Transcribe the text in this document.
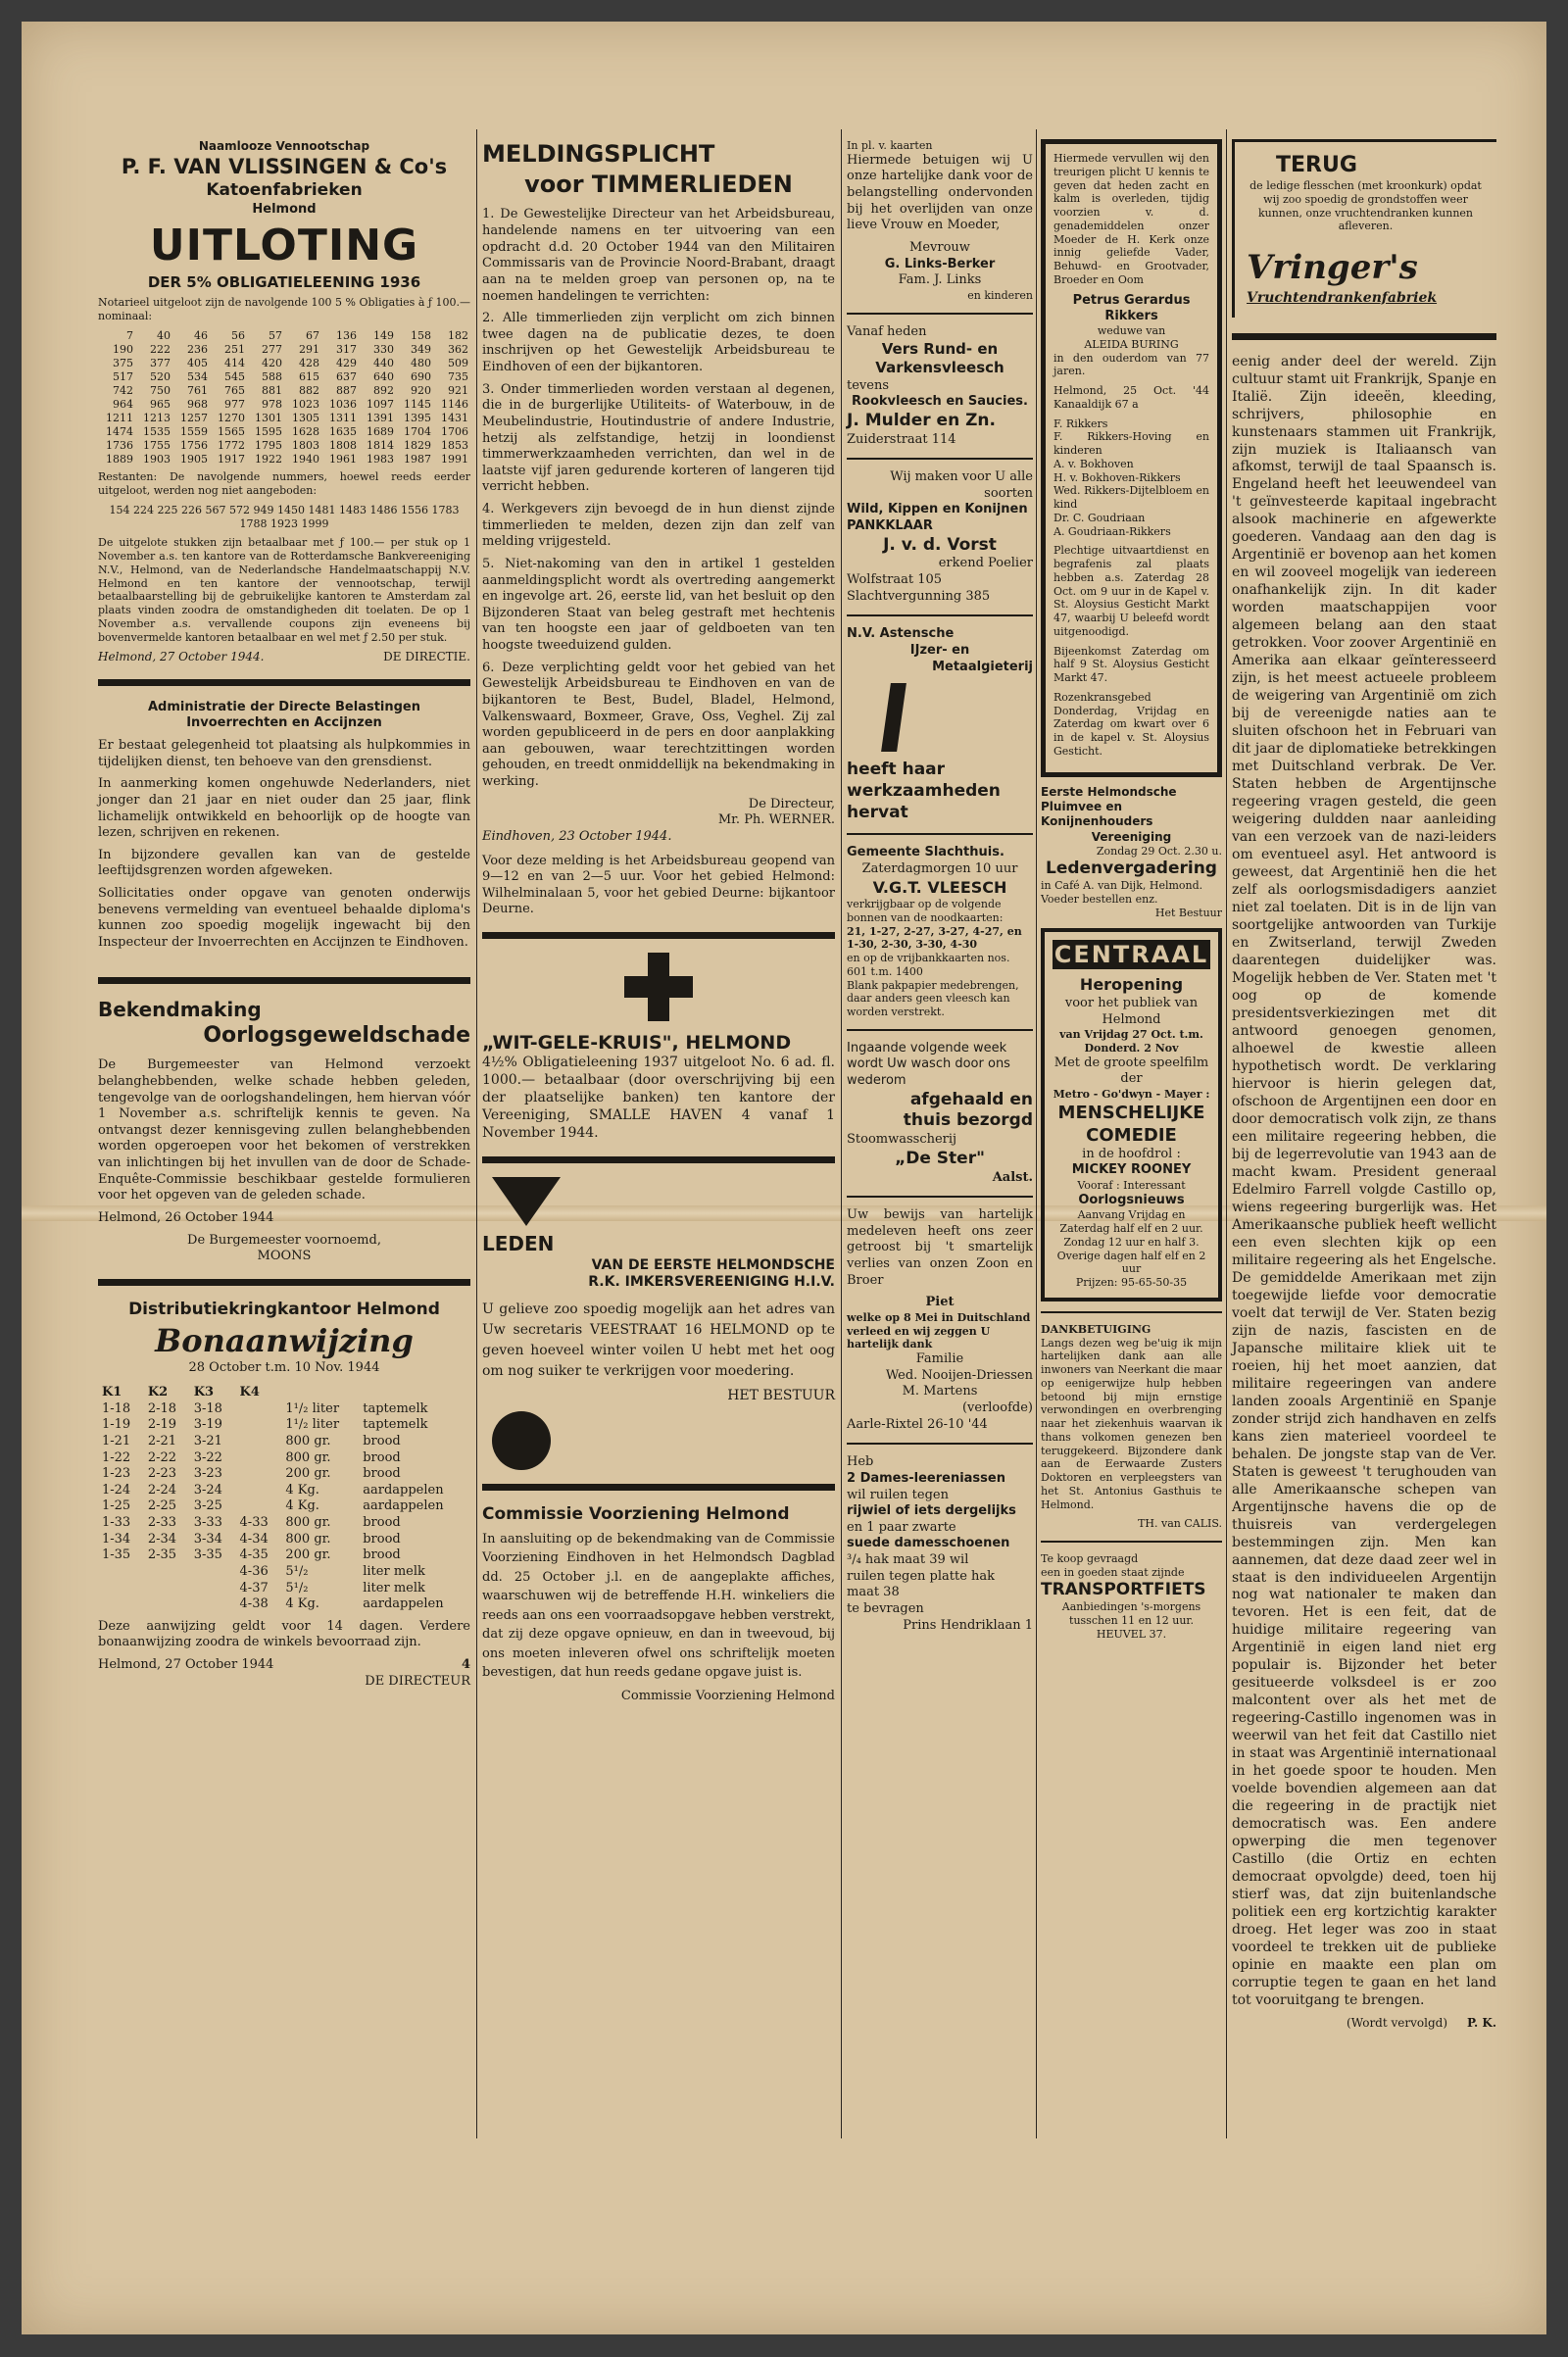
Naamlooze Vennootschap
P. F. VAN VLISSINGEN & Co's
Katoenfabrieken
Helmond
UITLOTING
DER 5% OBLIGATIELEENING 1936

Notarieel uitgeloot zijn de navolgende 100 5 % Obligaties à ƒ 100.— nominaal:

7	40	46	56	57	67	136	149	158	182
190	222	236	251	277	291	317	330	349	362
375	377	405	414	420	428	429	440	480	509
517	520	534	545	588	615	637	640	690	735
742	750	761	765	881	882	887	892	920	921
964	965	968	977	978	1023	1036	1097	1145	1146
1211	1213	1257	1270	1301	1305	1311	1391	1395	1431
1474	1535	1559	1565	1595	1628	1635	1689	1704	1706
1736	1755	1756	1772	1795	1803	1808	1814	1829	1853
1889	1903	1905	1917	1922	1940	1961	1983	1987	1991

Restanten: De navolgende nummers, hoewel reeds eerder uitgeloot, werden nog niet aangeboden:

154 224 225 226 567 572 949 1450 1481 1483 1486 1556 1783 1788 1923 1999

De uitgelote stukken zijn betaalbaar met ƒ 100.— per stuk op 1 November a.s. ten kantore van de Rotterdamsche Bankvereeniging N.V., Helmond, van de Nederlandsche Handelmaatschappij N.V. Helmond en ten kantore der vennootschap, terwijl betaalbaarstelling bij de gebruikelijke kantoren te Amsterdam zal plaats vinden zoodra de omstandigheden dit toelaten. De op 1 November a.s. vervallende coupons zijn eveneens bij bovenvermelde kantoren betaalbaar en wel met ƒ 2.50 per stuk.

Helmond, 27 October 1944.	DE DIRECTIE.
Administratie der Directe Belastingen
Invoerrechten en Accijnzen

Er bestaat gelegenheid tot plaatsing als hulpkommies in tijdelijken dienst, ten behoeve van den grensdienst.

In aanmerking komen ongehuwde Nederlanders, niet jonger dan 21 jaar en niet ouder dan 25 jaar, flink lichamelijk ontwikkeld en behoorlijk op de hoogte van lezen, schrijven en rekenen.

In bijzondere gevallen kan van de gestelde leeftijdsgrenzen worden afgeweken.

Sollicitaties onder opgave van genoten onderwijs benevens vermelding van eventueel behaalde diploma's kunnen zoo spoedig mogelijk ingewacht bij den Inspecteur der Invoerrechten en Accijnzen te Eindhoven.

Bekendmaking
Oorlogsgeweldschade

De Burgemeester van Helmond verzoekt belanghebbenden, welke schade hebben geleden, tengevolge van de oorlogshandelingen, hem hiervan vóór 1 November a.s. schriftelijk kennis te geven. Na ontvangst dezer kennisgeving zullen belanghebbenden worden opgeroepen voor het bekomen of verstrekken van inlichtingen bij het invullen van de door de Schade-Enquête-Commissie beschikbaar gestelde formulieren voor het opgeven van de geleden schade.

Helmond, 26 October 1944

De Burgemeester voornoemd,
MOONS
Distributiekringkantoor Helmond
Bonaanwijzing
28 October t.m. 10 Nov. 1944
K1	K2	K3	K4		
1-18	2-18	3-18		1¹/₂ liter	taptemelk
1-19	2-19	3-19		1¹/₂ liter	taptemelk
1-21	2-21	3-21		800 gr.	brood
1-22	2-22	3-22		800 gr.	brood
1-23	2-23	3-23		200 gr.	brood
1-24	2-24	3-24		4 Kg.	aardappelen
1-25	2-25	3-25		4 Kg.	aardappelen
1-33	2-33	3-33	4-33	800 gr.	brood
1-34	2-34	3-34	4-34	800 gr.	brood
1-35	2-35	3-35	4-35	200 gr.	brood
			4-36	5¹/₂	liter melk
			4-37	5¹/₂	liter melk
			4-38	4 Kg.	aardappelen

Deze aanwijzing geldt voor 14 dagen. Verdere bonaanwijzing zoodra de winkels bevoorraad zijn.

Helmond, 27 October 1944	4
DE DIRECTEUR
MELDINGSPLICHT
voor TIMMERLIEDEN

1. De Gewestelijke Directeur van het Arbeidsbureau, handelende namens en ter uitvoering van een opdracht d.d. 20 October 1944 van den Militairen Commissaris van de Provincie Noord-Brabant, draagt aan na te melden groep van personen op, na te noemen handelingen te verrichten:

2. Alle timmerlieden zijn verplicht om zich binnen twee dagen na de publicatie dezes, te doen inschrijven op het Gewestelijk Arbeidsbureau te Eindhoven of een der bijkantoren.

3. Onder timmerlieden worden verstaan al degenen, die in de burgerlijke Utiliteits- of Waterbouw, in de Meubelindustrie, Houtindustrie of andere Industrie, hetzij als zelfstandige, hetzij in loondienst timmerwerkzaamheden verrichten, dan wel in de laatste vijf jaren gedurende korteren of langeren tijd verricht hebben.

4. Werkgevers zijn bevoegd de in hun dienst zijnde timmerlieden te melden, dezen zijn dan zelf van melding vrijgesteld.

5. Niet-nakoming van den in artikel 1 gestelden aanmeldingsplicht wordt als overtreding aangemerkt en ingevolge art. 26, eerste lid, van het besluit op den Bijzonderen Staat van beleg gestraft met hechtenis van ten hoogste een jaar of geldboeten van ten hoogste tweeduizend gulden.

6. Deze verplichting geldt voor het gebied van het Gewestelijk Arbeidsbureau te Eindhoven en van de bijkantoren te Best, Budel, Bladel, Helmond, Valkenswaard, Boxmeer, Grave, Oss, Veghel. Zij zal worden gepubliceerd in de pers en door aanplakking aan gebouwen, waar terechtzittingen worden gehouden, en treedt onmiddellijk na bekendmaking in werking.

De Directeur,
Mr. Ph. WERNER.
Eindhoven, 23 October 1944.

Voor deze melding is het Arbeidsbureau geopend van 9—12 en van 2—5 uur. Voor het gebied Helmond: Wilhelminalaan 5, voor het gebied Deurne: bijkantoor Deurne.

„WIT-GELE-KRUIS", HELMOND

4½% Obligatieleening 1937 uitgeloot No. 6 ad. fl. 1000.— betaalbaar (door overschrijving bij een der plaatselijke banken) ten kantore der Vereeniging, SMALLE HAVEN 4 vanaf 1 November 1944.

LEDEN
VAN DE EERSTE HELMONDSCHE
R.K. IMKERSVEREENIGING H.I.V.

U gelieve zoo spoedig mogelijk aan het adres van Uw secretaris VEESTRAAT 16 HELMOND op te geven hoeveel winter voilen U hebt met het oog om nog suiker te verkrijgen voor moedering.

HET BESTUUR
Commissie Voorziening Helmond

In aansluiting op de bekendmaking van de Commissie Voorziening Eindhoven in het Helmondsch Dagblad dd. 25 October j.l. en de aangeplakte affiches, waarschuwen wij de betreffende H.H. winkeliers die reeds aan ons een voorraadsopgave hebben verstrekt, dat zij deze opgave opnieuw, en dan in tweevoud, bij ons moeten inleveren ofwel ons schriftelijk moeten bevestigen, dat hun reeds gedane opgave juist is.

Commissie Voorziening Helmond
In pl. v. kaarten

Hiermede betuigen wij U onze hartelijke dank voor de belangstelling ondervonden bij het overlijden van onze lieve Vrouw en Moeder,

Mevrouw
G. Links-Berker
Fam. J. Links
en kinderen
Vanaf heden
Vers Rund- en
Varkensvleesch
tevens
Rookvleesch en Saucies.
J. Mulder en Zn.
Zuiderstraat 114
Wij maken voor U alle soorten
Wild, Kippen en Konijnen PANKKLAAR
J. v. d. Vorst
erkend Poelier
Wolfstraat 105
Slachtvergunning 385
N.V. Astensche
IJzer- en
Metaalgieterij
heeft haar werkzaamheden hervat
Gemeente Slachthuis.
Zaterdagmorgen 10 uur
V.G.T. VLEESCH
verkrijgbaar op de volgende bonnen van de noodkaarten:
21, 1-27, 2-27, 3-27, 4-27, en 1-30, 2-30, 3-30, 4-30
en op de vrijbankkaarten nos. 601 t.m. 1400
Blank pakpapier medebrengen, daar anders geen vleesch kan worden verstrekt.
Ingaande volgende week wordt Uw wasch door ons wederom
afgehaald en
thuis bezorgd
Stoomwasscherij
„De Ster"
Aalst.

Uw bewijs van hartelijk medeleven heeft ons zeer getroost bij 't smartelijk verlies van onzen Zoon en Broer

Piet
welke op 8 Mei in Duitschland verleed en wij zeggen U hartelijk dank
Familie
Wed. Nooijen-Driessen
M. Martens
(verloofde)
Aarle-Rixtel 26-10 '44
Heb
2 Dames-leereniassen
wil ruilen tegen
rijwiel of iets dergelijks
en 1 paar zwarte
suede damesschoenen
³/₄ hak maat 39 wil
ruilen tegen platte hak
maat 38
te bevragen
Prins Hendriklaan 1

Hiermede vervullen wij den treurigen plicht U kennis te geven dat heden zacht en kalm is overleden, tijdig voorzien v. d. genademiddelen onzer Moeder de H. Kerk onze innig geliefde Vader, Behuwd- en Grootvader, Broeder en Oom

Petrus Gerardus
Rikkers
weduwe van
ALEIDA BURING

in den ouderdom van 77 jaren.

Helmond, 25 Oct. '44 Kanaaldijk 67 a

F. Rikkers
F. Rikkers-Hoving en kinderen
A. v. Bokhoven
H. v. Bokhoven-Rikkers
Wed. Rikkers-Dijtelbloem en kind
Dr. C. Goudriaan
A. Goudriaan-Rikkers

Plechtige uitvaartdienst en begrafenis zal plaats hebben a.s. Zaterdag 28 Oct. om 9 uur in de Kapel v. St. Aloysius Gesticht Markt 47, waarbij U beleefd wordt uitgenoodigd.

Bijeenkomst Zaterdag om half 9 St. Aloysius Gesticht Markt 47.

Rozenkransgebed Donderdag, Vrijdag en Zaterdag om kwart over 6 in de kapel v. St. Aloysius Gesticht.

Eerste Helmondsche Pluimvee en Konijnenhouders
Vereeniging
Zondag 29 Oct. 2.30 u.
Ledenvergadering
in Café A. van Dijk, Helmond. Voeder bestellen enz.
Het Bestuur
CENTRAAL
Heropening
voor het publiek van Helmond
van Vrijdag 27 Oct. t.m. Donderd. 2 Nov
Met de groote speelfilm der
Metro - Go'dwyn - Mayer :
MENSCHELIJKE
COMEDIE
in de hoofdrol :
MICKEY ROONEY
Vooraf : Interessant
Oorlogsnieuws
Aanvang Vrijdag en Zaterdag half elf en 2 uur. Zondag 12 uur en half 3. Overige dagen half elf en 2 uur
Prijzen: 95-65-50-35
DANKBETUIGING

Langs dezen weg be'uig ik mijn hartelijken dank aan alle inwoners van Neerkant die maar op eenigerwijze hulp hebben betoond bij mijn ernstige verwondingen en overbrenging naar het ziekenhuis waarvan ik thans volkomen genezen ben teruggekeerd. Bijzondere dank aan de Eerwaarde Zusters Doktoren en verpleegsters van het St. Antonius Gasthuis te Helmond.

TH. van CALIS.
Te koop gevraagd
een in goeden staat zijnde
TRANSPORTFIETS
Aanbiedingen 's-morgens tusschen 11 en 12 uur.
HEUVEL 37.
TERUG
de ledige flesschen (met kroonkurk) opdat wij zoo spoedig de grondstoffen weer kunnen, onze vruchtendranken kunnen afleveren.
Vringer's
Vruchtendrankenfabriek

eenig ander deel der wereld. Zijn cultuur stamt uit Frankrijk, Spanje en Italië. Zijn ideeën, kleeding, schrijvers, philosophie en kunstenaars stammen uit Frankrijk, zijn muziek is Italiaansch van afkomst, terwijl de taal Spaansch is. Engeland heeft het leeuwendeel van 't geïnvesteerde kapitaal ingebracht alsook machinerie en afgewerkte goederen. Vandaag aan den dag is Argentinië er bovenop aan het komen en wil zooveel mogelijk van iedereen onafhankelijk zijn. In dit kader worden maatschappijen voor algemeen belang aan den staat getrokken. Voor zoover Argentinië en Amerika aan elkaar geïnteresseerd zijn, is het meest actueele probleem de weigering van Argentinië om zich bij de vereenigde naties aan te sluiten ofschoon het in Februari van dit jaar de diplomatieke betrekkingen met Duitschland verbrak. De Ver. Staten hebben de Argentijnsche regeering vragen gesteld, die geen weigering duldden naar aanleiding van een verzoek van de nazi-leiders om eventueel asyl. Het antwoord is geweest, dat Argentinië hen die het zelf als oorlogsmisdadigers aanziet niet zal toelaten. Dit is in de lijn van soortgelijke antwoorden van Turkije en Zwitserland, terwijl Zweden daarentegen duidelijker was. Mogelijk hebben de Ver. Staten met 't oog op de komende presidentsverkiezingen met dit antwoord genoegen genomen, alhoewel de kwestie alleen hypothetisch wordt. De verklaring hiervoor is hierin gelegen dat, ofschoon de Argentijnen een door en door democratisch volk zijn, ze thans een militaire regeering hebben, die bij de legerrevolutie van 1943 aan de macht kwam. President generaal Edelmiro Farrell volgde Castillo op, wiens regeering burgerlijk was. Het Amerikaansche publiek heeft wellicht een even slechten kijk op een militaire regeering als het Engelsche. De gemiddelde Amerikaan met zijn toegewijde liefde voor democratie voelt dat terwijl de Ver. Staten bezig zijn de nazis, fascisten en de Japansche militaire kliek uit te roeien, hij het moet aanzien, dat militaire regeeringen van andere landen zooals Argentinië en Spanje zonder strijd zich handhaven en zelfs kans zien materieel voordeel te behalen. De jongste stap van de Ver. Staten is geweest 't terughouden van alle Amerikaansche schepen van Argentijnsche havens die op de thuisreis van verdergelegen bestemmingen zijn. Men kan aannemen, dat deze daad zeer wel in staat is den individueelen Argentijn nog wat nationaler te maken dan tevoren. Het is een feit, dat de huidige militaire regeering van Argentinië in eigen land niet erg populair is. Bijzonder het beter gesitueerde volksdeel is er zoo malcontent over als het met de regeering-Castillo ingenomen was in weerwil van het feit dat Castillo niet in staat was Argentinië internationaal in het goede spoor te houden. Men voelde bovendien algemeen aan dat die regeering in de practijk niet democratisch was. Een andere opwerping die men tegenover Castillo (die Ortiz en echten democraat opvolgde) deed, toen hij stierf was, dat zijn buitenlandsche politiek een erg kortzichtig karakter droeg. Het leger was zoo in staat voordeel te trekken uit de publieke opinie en maakte een plan om corruptie tegen te gaan en het land tot vooruitgang te brengen.

(Wordt vervolgd) P. K.
